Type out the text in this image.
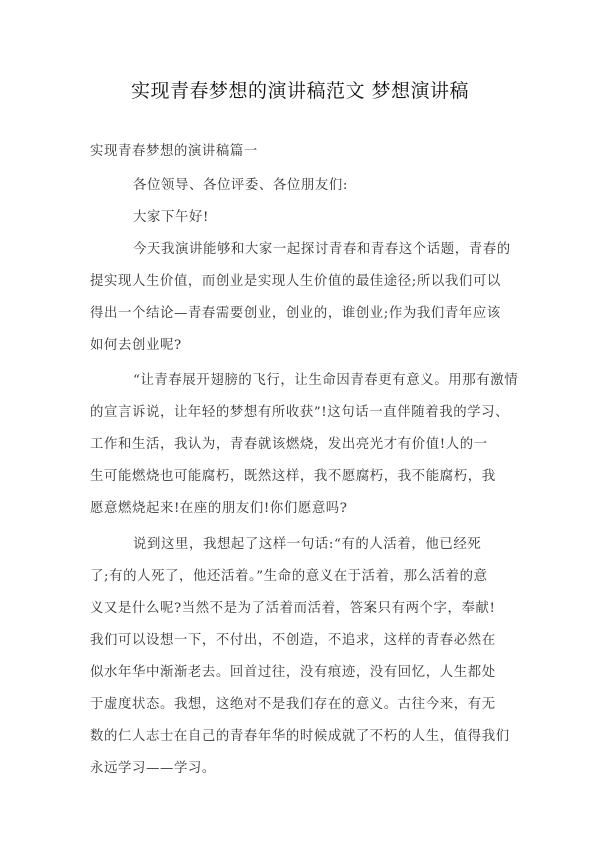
实现青春梦想的演讲稿范文 梦想演讲稿
实现青春梦想的演讲稿篇一
各位领导、各位评委、各位朋友们:
大家下午好!
今天我演讲能够和大家一起探讨青春和青春这个话题，青春的
提实现人生价值，而创业是实现人生价值的最佳途径;所以我们可以
得出一个结论—青春需要创业，创业的，谁创业;作为我们青年应该
如何去创业呢?
“让青春展开翅膀的飞行，让生命因青春更有意义。用那有激情
的宣言诉说，让年轻的梦想有所收获”!这句话一直伴随着我的学习、
工作和生活，我认为，青春就该燃烧，发出亮光才有价值!人的一
生可能燃烧也可能腐朽，既然这样，我不愿腐朽，我不能腐朽，我
愿意燃烧起来!在座的朋友们!你们愿意吗?
说到这里，我想起了这样一句话:“有的人活着，他已经死
了;有的人死了，他还活着。”生命的意义在于活着，那么活着的意
义又是什么呢?当然不是为了活着而活着，答案只有两个字，奉献!
我们可以设想一下，不付出，不创造，不追求，这样的青春必然在
似水年华中渐渐老去。回首过往，没有痕迹，没有回忆，人生都处
于虚度状态。我想，这绝对不是我们存在的意义。古往今来，有无
数的仁人志士在自己的青春年华的时候成就了不朽的人生，值得我们
永远学习——学习。
